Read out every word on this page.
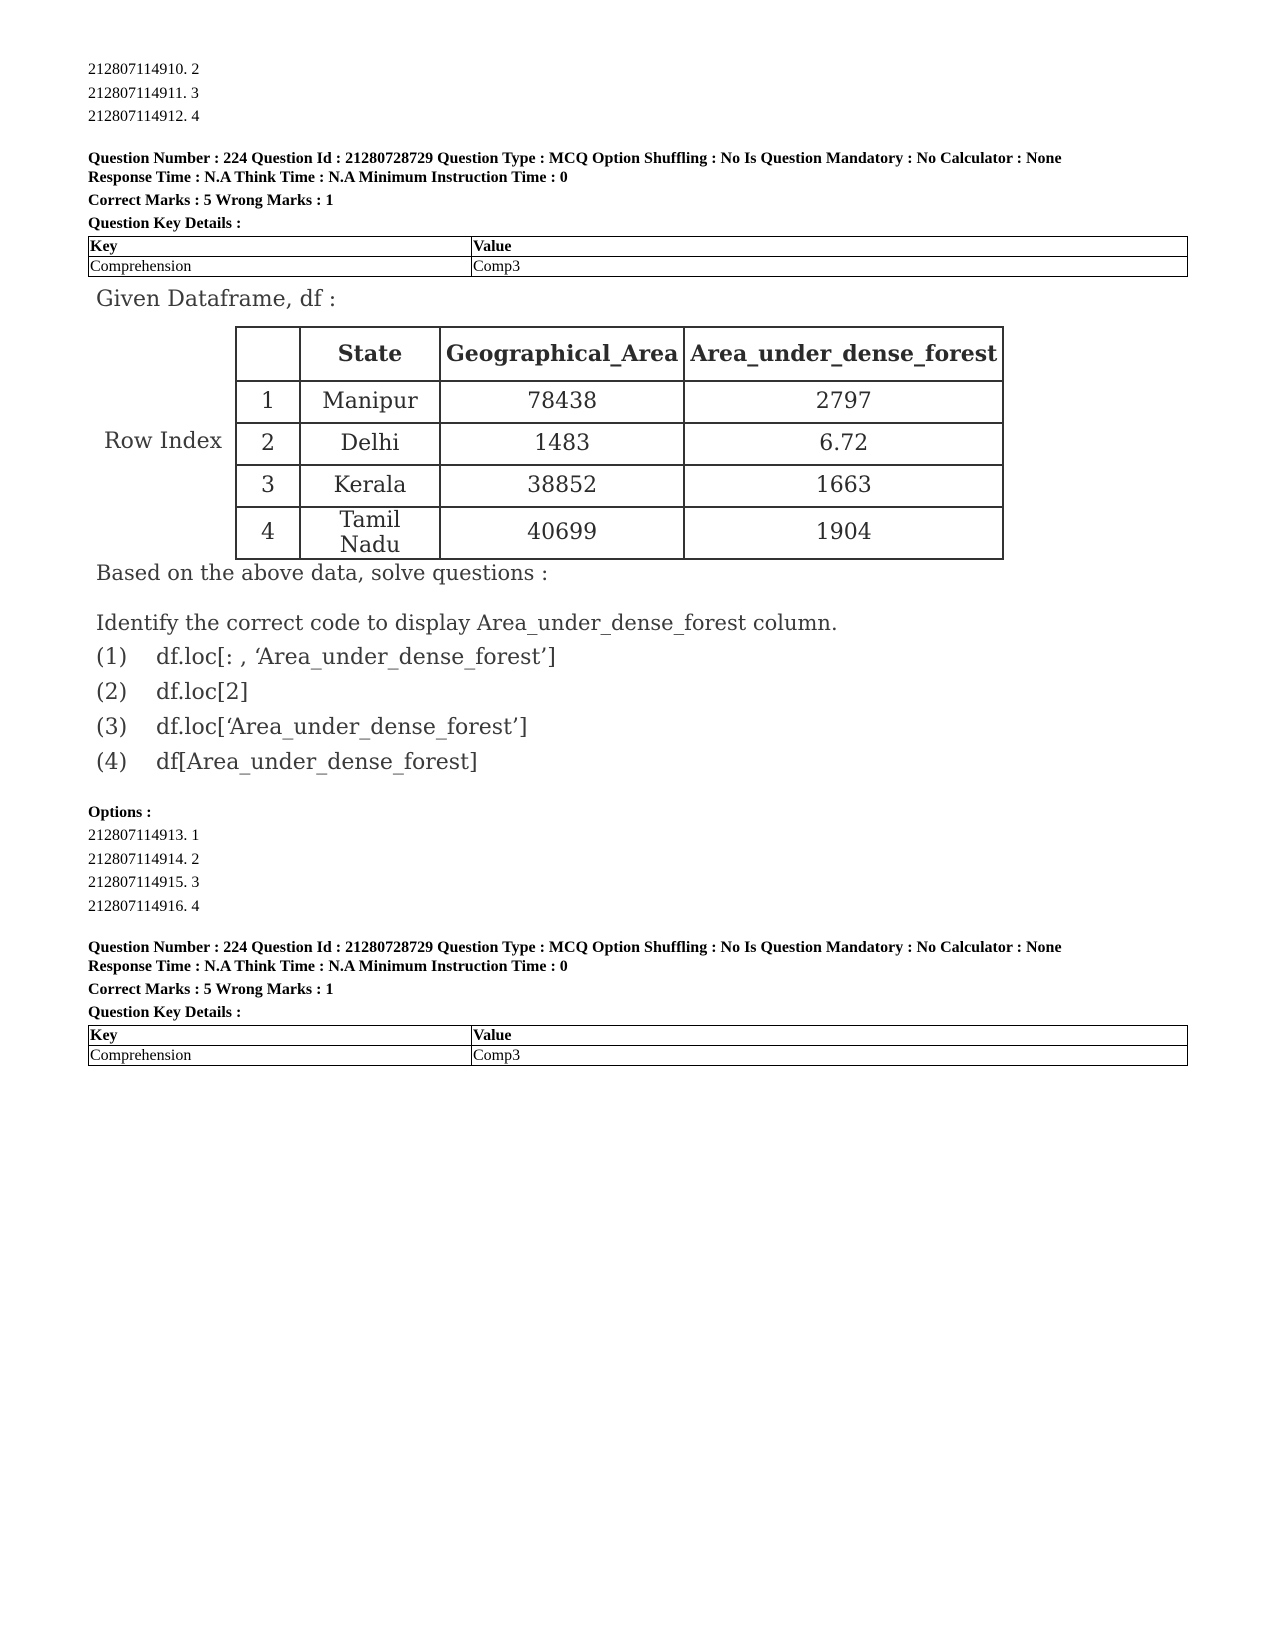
212807114910. 2
212807114911. 3
212807114912. 4
Question Number : 224 Question Id : 21280728729 Question Type : MCQ Option Shuffling : No Is Question Mandatory : No Calculator : None
Response Time : N.A Think Time : N.A Minimum Instruction Time : 0
Correct Marks : 5 Wrong Marks : 1
Question Key Details :
Key	Value
Comprehension	Comp3
Given Dataframe, df :
Row Index
	State	Geographical_Area	Area_under_dense_forest
1	Manipur	78438	2797
2	Delhi	1483	6.72
3	Kerala	38852	1663
4	Tamil Nadu	40699	1904
Based on the above data, solve questions :
Identify the correct code to display Area_under_dense_forest column.
(1) df.loc[: , ‘Area_under_dense_forest’]
(2) df.loc[2]
(3) df.loc[‘Area_under_dense_forest’]
(4) df[Area_under_dense_forest]
Options :
212807114913. 1
212807114914. 2
212807114915. 3
212807114916. 4
Question Number : 224 Question Id : 21280728729 Question Type : MCQ Option Shuffling : No Is Question Mandatory : No Calculator : None
Response Time : N.A Think Time : N.A Minimum Instruction Time : 0
Correct Marks : 5 Wrong Marks : 1
Question Key Details :
Key	Value
Comprehension	Comp3
